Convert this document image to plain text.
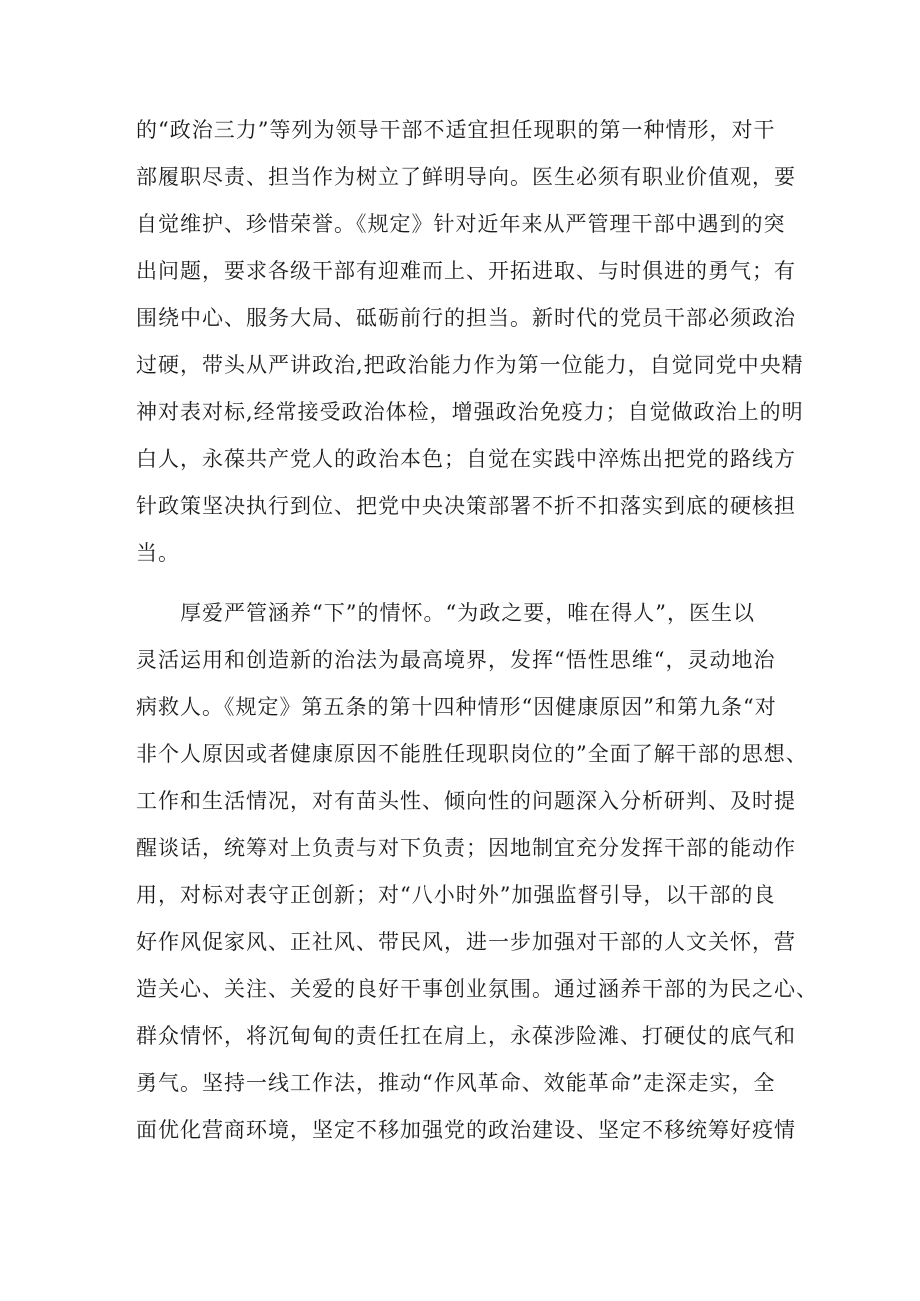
的“政治三力”等列为领导干部不适宜担任现职的第一种情形，对干
部履职尽责、担当作为树立了鲜明导向。医生必须有职业价值观，要
自觉维护、珍惜荣誉。《规定》针对近年来从严管理干部中遇到的突
出问题，要求各级干部有迎难而上、开拓进取、与时俱进的勇气；有
围绕中心、服务大局、砥砺前行的担当。新时代的党员干部必须政治
过硬，带头从严讲政治,把政治能力作为第一位能力，自觉同党中央精
神对表对标,经常接受政治体检，增强政治免疫力；自觉做政治上的明
白人，永葆共产党人的政治本色；自觉在实践中淬炼出把党的路线方
针政策坚决执行到位、把党中央决策部署不折不扣落实到底的硬核担
当。
　　厚爱严管涵养“下”的情怀。“为政之要，唯在得人”，医生以
灵活运用和创造新的治法为最高境界，发挥“悟性思维“，灵动地治
病救人。《规定》第五条的第十四种情形“因健康原因”和第九条“对
非个人原因或者健康原因不能胜任现职岗位的”全面了解干部的思想、
工作和生活情况，对有苗头性、倾向性的问题深入分析研判、及时提
醒谈话，统筹对上负责与对下负责；因地制宜充分发挥干部的能动作
用，对标对表守正创新；对“八小时外”加强监督引导，以干部的良
好作风促家风、正社风、带民风，进一步加强对干部的人文关怀，营
造关心、关注、关爱的良好干事创业氛围。通过涵养干部的为民之心、
群众情怀，将沉甸甸的责任扛在肩上，永葆涉险滩、打硬仗的底气和
勇气。坚持一线工作法，推动“作风革命、效能革命”走深走实，全
面优化营商环境，坚定不移加强党的政治建设、坚定不移统筹好疫情
